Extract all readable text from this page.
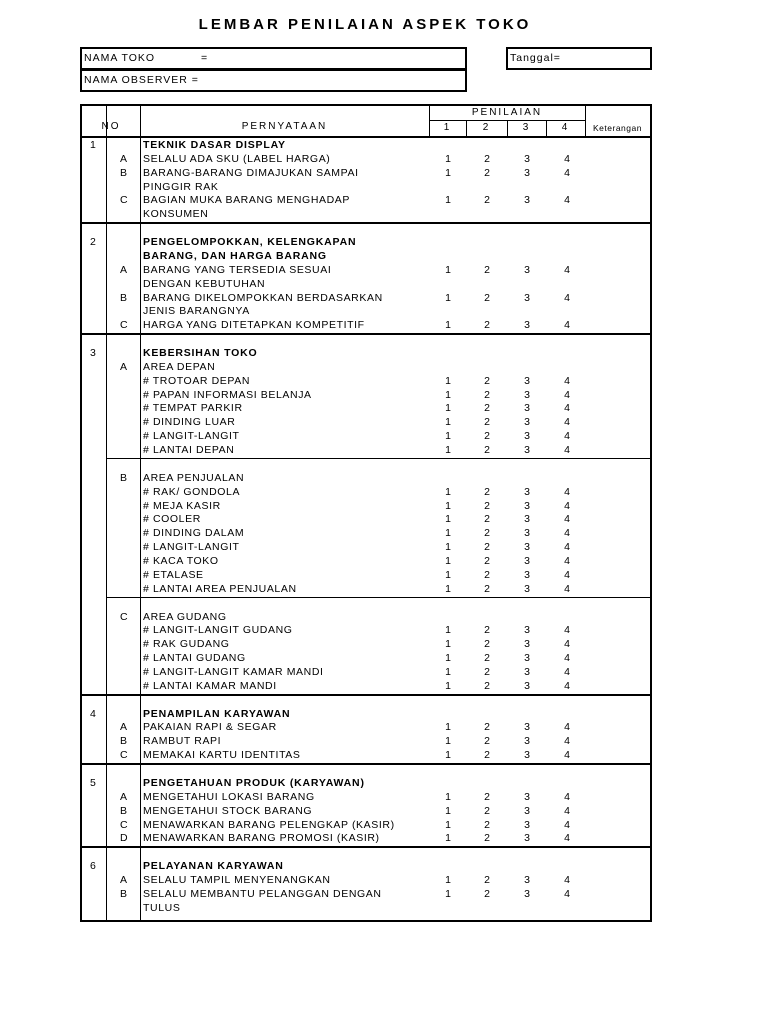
LEMBAR PENILAIAN ASPEK TOKO
NAMA TOKO	=
NAMA OBSERVER =
Tanggal=
NO	PERNYATAAN
PENILAIAN
1	2	3	4	Keterangan
1	TEKNIK DASAR DISPLAY
A SELALU ADA SKU (LABEL HARGA)	1	2	3	4
B BARANG-BARANG DIMAJUKAN SAMPAI	1	2	3	4
PINGGIR RAK
C BAGIAN MUKA BARANG MENGHADAP	1	2	3	4
KONSUMEN
2	PENGELOMPOKKAN, KELENGKAPAN
BARANG, DAN HARGA BARANG
A BARANG YANG TERSEDIA SESUAI	1	2	3	4
DENGAN KEBUTUHAN
B BARANG DIKELOMPOKKAN BERDASARKAN	1	2	3	4
JENIS BARANGNYA
C HARGA YANG DITETAPKAN KOMPETITIF	1	2	3	4
3	KEBERSIHAN TOKO
A AREA DEPAN
# TROTOAR DEPAN	1	2	3	4
# PAPAN INFORMASI BELANJA	1	2	3	4
# TEMPAT PARKIR	1	2	3	4
# DINDING LUAR	1	2	3	4
# LANGIT-LANGIT	1	2	3	4
# LANTAI DEPAN	1	2	3	4
B AREA PENJUALAN
# RAK/ GONDOLA	1	2	3	4
# MEJA KASIR	1	2	3	4
# COOLER	1	2	3	4
# DINDING DALAM	1	2	3	4
# LANGIT-LANGIT	1	2	3	4
# KACA TOKO	1	2	3	4
# ETALASE	1	2	3	4
# LANTAI AREA PENJUALAN	1	2	3	4
C AREA GUDANG
# LANGIT-LANGIT GUDANG	1	2	3	4
# RAK GUDANG	1	2	3	4
# LANTAI GUDANG	1	2	3	4
# LANGIT-LANGIT KAMAR MANDI	1	2	3	4
# LANTAI KAMAR MANDI	1	2	3	4
4	PENAMPILAN KARYAWAN
A PAKAIAN RAPI & SEGAR	1	2	3	4
B RAMBUT RAPI	1	2	3	4
C MEMAKAI KARTU IDENTITAS	1	2	3	4
5	PENGETAHUAN PRODUK (KARYAWAN)
A MENGETAHUI LOKASI BARANG	1	2	3	4
B MENGETAHUI STOCK BARANG	1	2	3	4
C MENAWARKAN BARANG PELENGKAP (KASIR)	1	2	3	4
D MENAWARKAN BARANG PROMOSI (KASIR)	1	2	3	4
6	PELAYANAN KARYAWAN
A SELALU TAMPIL MENYENANGKAN	1	2	3	4
B SELALU MEMBANTU PELANGGAN DENGAN	1	2	3	4
TULUS
